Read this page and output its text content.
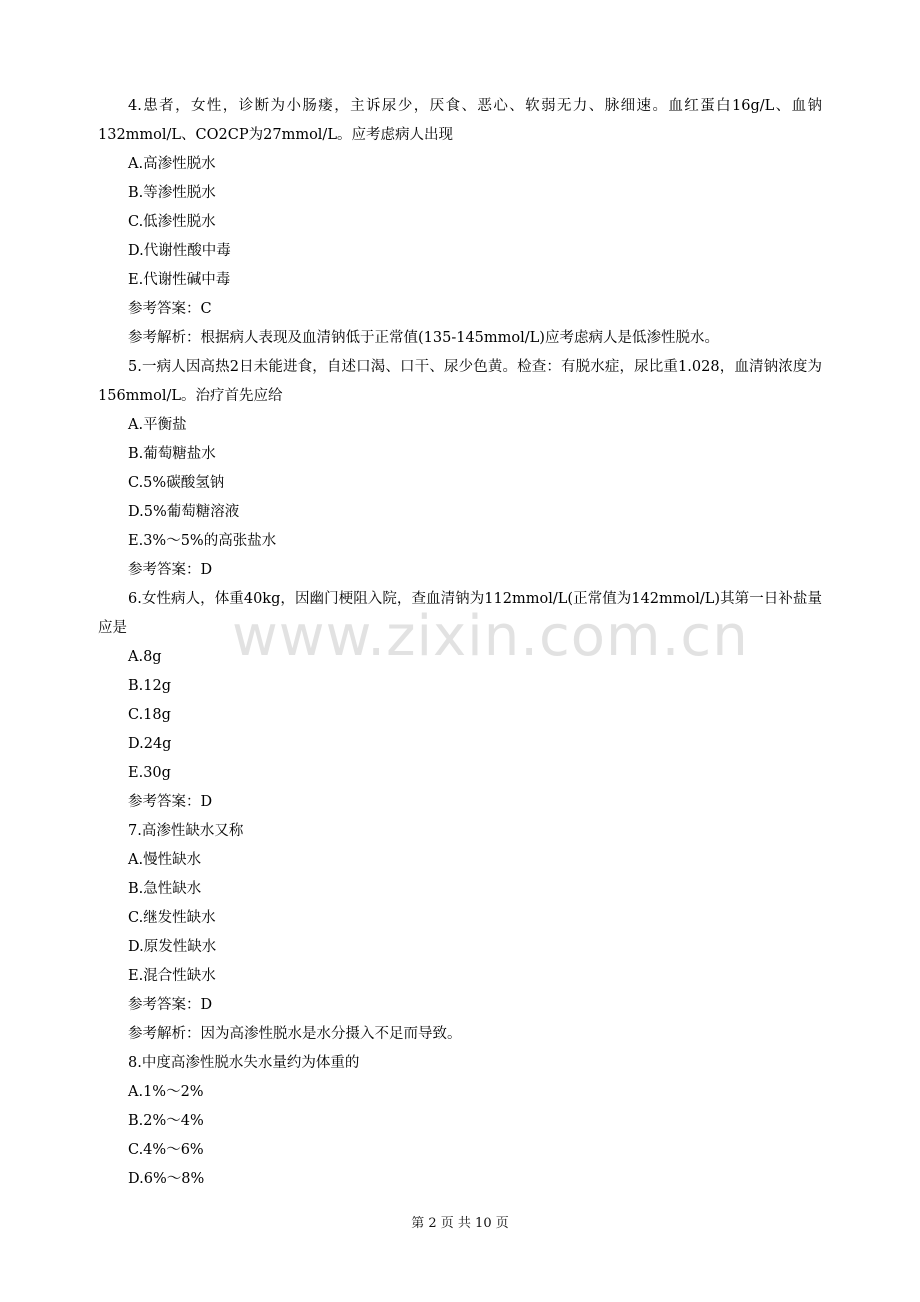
4.患者，女性，诊断为小肠瘘，主诉尿少，厌食、恶心、软弱无力、脉细速。血红蛋白16g/L、血钠132mmol/L、CO2CP为27mmol/L。应考虑病人出现

A.高渗性脱水

B.等渗性脱水

C.低渗性脱水

D.代谢性酸中毒

E.代谢性碱中毒

参考答案：C

参考解析：根据病人表现及血清钠低于正常值(135-145mmol/L)应考虑病人是低渗性脱水。

5.一病人因高热2日未能进食，自述口渴、口干、尿少色黄。检查：有脱水症，尿比重1.028，血清钠浓度为156mmol/L。治疗首先应给

A.平衡盐

B.葡萄糖盐水

C.5%碳酸氢钠

D.5%葡萄糖溶液

E.3%～5%的高张盐水

参考答案：D

6.女性病人，体重40kg，因幽门梗阻入院，查血清钠为112mmol/L(正常值为142mmol/L)其第一日补盐量应是

A.8g

B.12g

C.18g

D.24g

E.30g

参考答案：D

7.高渗性缺水又称

A.慢性缺水

B.急性缺水

C.继发性缺水

D.原发性缺水

E.混合性缺水

参考答案：D

参考解析：因为高渗性脱水是水分摄入不足而导致。

8.中度高渗性脱水失水量约为体重的

A.1%～2%

B.2%～4%

C.4%～6%

D.6%～8%

www.zixin.com.cn
第 2 页 共 10 页
